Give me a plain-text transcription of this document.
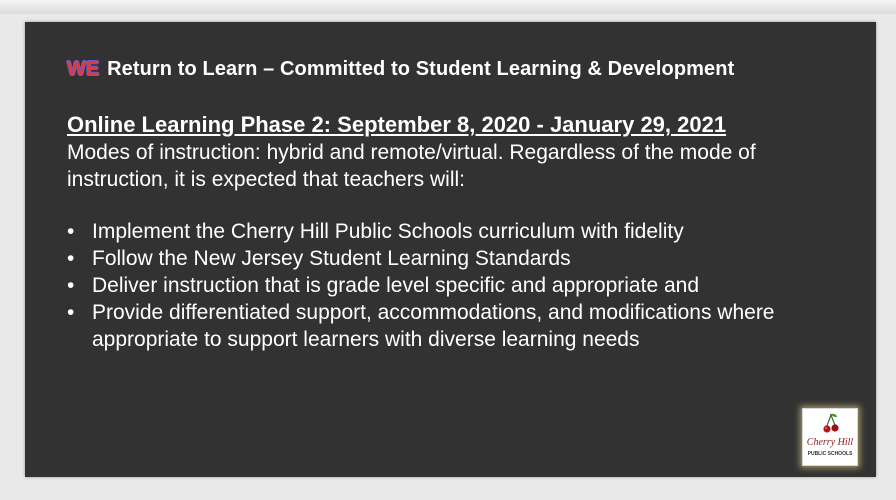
WE Return to Learn – Committed to Student Learning & Development
Online Learning Phase 2: September 8, 2020 - January 29, 2021
Modes of instruction: hybrid and remote/virtual. Regardless of the mode of instruction, it is expected that teachers will:
• Implement the Cherry Hill Public Schools curriculum with fidelity
• Follow the New Jersey Student Learning Standards
• Deliver instruction that is grade level specific and appropriate and
• Provide differentiated support, accommodations, and modifications where appropriate to support learners with diverse learning needs
Cherry Hill
PUBLIC SCHOOLS
